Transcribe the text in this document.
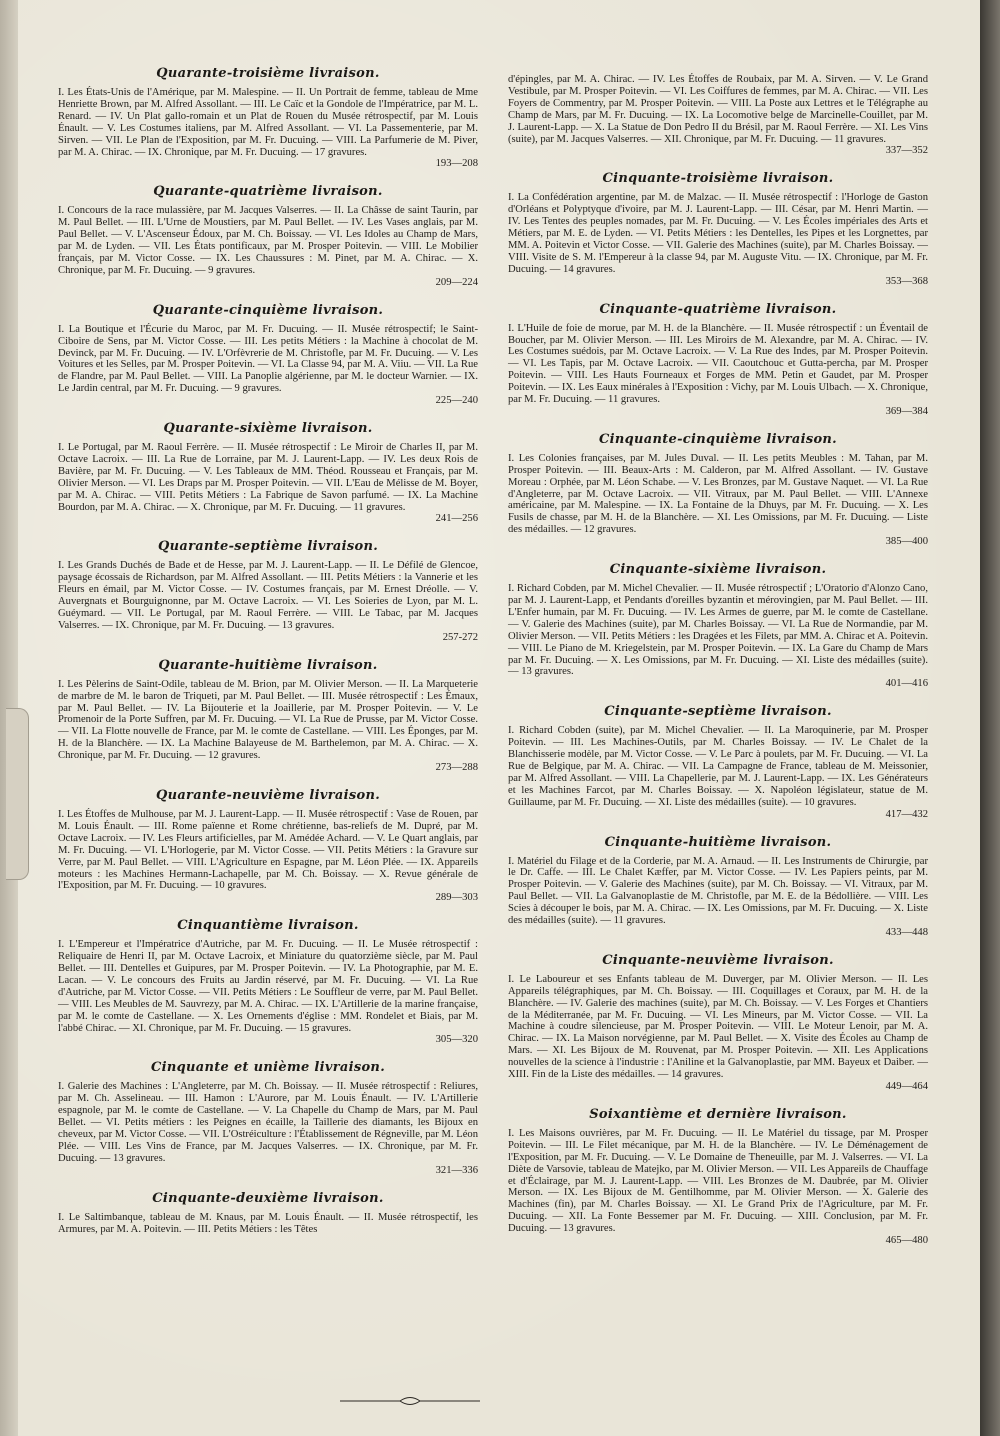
Quarante-troisième livraison.
I. Les États-Unis de l'Amérique, par M. Malespine. — II. Un Portrait de femme, tableau de Mme Henriette Brown, par M. Alfred Assollant. — III. Le Caïc et la Gondole de l'Impératrice, par M. L. Renard. — IV. Un Plat gallo-romain et un Plat de Rouen du Musée rétrospectif, par M. Louis Énault. — V. Les Costumes italiens, par M. Alfred Assollant. — VI. La Passementerie, par M. Sirven. — VII. Le Plan de l'Exposition, par M. Fr. Ducuing. — VIII. La Parfumerie de M. Piver, par M. A. Chirac. — IX. Chronique, par M. Fr. Ducuing. — 17 gravures.
193—208
Quarante-quatrième livraison.
I. Concours de la race mulassière, par M. Jacques Valserres. — II. La Châsse de saint Taurin, par M. Paul Bellet. — III. L'Urne de Moustiers, par M. Paul Bellet. — IV. Les Vases anglais, par M. Paul Bellet. — V. L'Ascenseur Édoux, par M. Ch. Boissay. — VI. Les Idoles au Champ de Mars, par M. de Lyden. — VII. Les États pontificaux, par M. Prosper Poitevin. — VIII. Le Mobilier français, par M. Victor Cosse. — IX. Les Chaussures : M. Pinet, par M. A. Chirac. — X. Chronique, par M. Fr. Ducuing. — 9 gravures.
209—224
Quarante-cinquième livraison.
I. La Boutique et l'Écurie du Maroc, par M. Fr. Ducuing. — II. Musée rétrospectif; le Saint-Ciboire de Sens, par M. Victor Cosse. — III. Les petits Métiers : la Machine à chocolat de M. Devinck, par M. Fr. Ducuing. — IV. L'Orfèvrerie de M. Christofle, par M. Fr. Ducuing. — V. Les Voitures et les Selles, par M. Prosper Poitevin. — VI. La Classe 94, par M. A. Viiu. — VII. La Rue de Flandre, par M. Paul Bellet. — VIII. La Panoplie algérienne, par M. le docteur Warnier. — IX. Le Jardin central, par M. Fr. Ducuing. — 9 gravures.
225—240
Quarante-sixième livraison.
I. Le Portugal, par M. Raoul Ferrère. — II. Musée rétrospectif : Le Miroir de Charles II, par M. Octave Lacroix. — III. La Rue de Lorraine, par M. J. Laurent-Lapp. — IV. Les deux Rois de Bavière, par M. Fr. Ducuing. — V. Les Tableaux de MM. Théod. Rousseau et Français, par M. Olivier Merson. — VI. Les Draps par M. Prosper Poitevin. — VII. L'Eau de Mélisse de M. Boyer, par M. A. Chirac. — VIII. Petits Métiers : La Fabrique de Savon parfumé. — IX. La Machine Bourdon, par M. A. Chirac. — X. Chronique, par M. Fr. Ducuing. — 11 gravures.
241—256
Quarante-septième livraison.
I. Les Grands Duchés de Bade et de Hesse, par M. J. Laurent-Lapp. — II. Le Défilé de Glencoe, paysage écossais de Richardson, par M. Alfred Assollant. — III. Petits Métiers : la Vannerie et les Fleurs en émail, par M. Victor Cosse. — IV. Costumes français, par M. Ernest Dréolle. — V. Auvergnats et Bourguignonne, par M. Octave Lacroix. — VI. Les Soieries de Lyon, par M. L. Guéymard. — VII. Le Portugal, par M. Raoul Ferrère. — VIII. Le Tabac, par M. Jacques Valserres. — IX. Chronique, par M. Fr. Ducuing. — 13 gravures.
257-272
Quarante-huitième livraison.
I. Les Pèlerins de Saint-Odile, tableau de M. Brion, par M. Olivier Merson. — II. La Marqueterie de marbre de M. le baron de Triqueti, par M. Paul Bellet. — III. Musée rétrospectif : Les Émaux, par M. Paul Bellet. — IV. La Bijouterie et la Joaillerie, par M. Prosper Poitevin. — V. Le Promenoir de la Porte Suffren, par M. Fr. Ducuing. — VI. La Rue de Prusse, par M. Victor Cosse. — VII. La Flotte nouvelle de France, par M. le comte de Castellane. — VIII. Les Éponges, par M. H. de la Blanchère. — IX. La Machine Balayeuse de M. Barthelemon, par M. A. Chirac. — X. Chronique, par M. Fr. Ducuing. — 12 gravures.
273—288
Quarante-neuvième livraison.
I. Les Étoffes de Mulhouse, par M. J. Laurent-Lapp. — II. Musée rétrospectif : Vase de Rouen, par M. Louis Énault. — III. Rome païenne et Rome chrétienne, bas-reliefs de M. Dupré, par M. Octave Lacroix. — IV. Les Fleurs artificielles, par M. Amédée Achard. — V. Le Quart anglais, par M. Fr. Ducuing. — VI. L'Horlogerie, par M. Victor Cosse. — VII. Petits Métiers : la Gravure sur Verre, par M. Paul Bellet. — VIII. L'Agriculture en Espagne, par M. Léon Plée. — IX. Appareils moteurs : les Machines Hermann-Lachapelle, par M. Ch. Boissay. — X. Revue générale de l'Exposition, par M. Fr. Ducuing. — 10 gravures.
289—303
Cinquantième livraison.
I. L'Empereur et l'Impératrice d'Autriche, par M. Fr. Ducuing. — II. Le Musée rétrospectif : Reliquaire de Henri II, par M. Octave Lacroix, et Miniature du quatorzième siècle, par M. Paul Bellet. — III. Dentelles et Guipures, par M. Prosper Poitevin. — IV. La Photographie, par M. E. Lacan. — V. Le concours des Fruits au Jardin réservé, par M. Fr. Ducuing. — VI. La Rue d'Autriche, par M. Victor Cosse. — VII. Petits Métiers : Le Souffleur de verre, par M. Paul Bellet. — VIII. Les Meubles de M. Sauvrezy, par M. A. Chirac. — IX. L'Artillerie de la marine française, par M. le comte de Castellane. — X. Les Ornements d'église : MM. Rondelet et Biais, par M. l'abbé Chirac. — XI. Chronique, par M. Fr. Ducuing. — 15 gravures.
305—320
Cinquante et unième livraison.
I. Galerie des Machines : L'Angleterre, par M. Ch. Boissay. — II. Musée rétrospectif : Reliures, par M. Ch. Asselineau. — III. Hamon : L'Aurore, par M. Louis Énault. — IV. L'Artillerie espagnole, par M. le comte de Castellane. — V. La Chapelle du Champ de Mars, par M. Paul Bellet. — VI. Petits métiers : les Peignes en écaille, la Taillerie des diamants, les Bijoux en cheveux, par M. Victor Cosse. — VII. L'Ostréiculture : l'Établissement de Régneville, par M. Léon Plée. — VIII. Les Vins de France, par M. Jacques Valserres. — IX. Chronique, par M. Fr. Ducuing. — 13 gravures.
321—336
Cinquante-deuxième livraison.
I. Le Saltimbanque, tableau de M. Knaus, par M. Louis Énault. — II. Musée rétrospectif, les Armures, par M. A. Poitevin. — III. Petits Métiers : les Têtes
d'épingles, par M. A. Chirac. — IV. Les Étoffes de Roubaix, par M. A. Sirven. — V. Le Grand Vestibule, par M. Prosper Poitevin. — VI. Les Coiffures de femmes, par M. A. Chirac. — VII. Les Foyers de Commentry, par M. Prosper Poitevin. — VIII. La Poste aux Lettres et le Télégraphe au Champ de Mars, par M. Fr. Ducuing. — IX. La Locomotive belge de Marcinelle-Couillet, par M. J. Laurent-Lapp. — X. La Statue de Don Pedro II du Brésil, par M. Raoul Ferrère. — XI. Les Vins (suite), par M. Jacques Valserres. — XII. Chronique, par M. Fr. Ducuing. — 11 gravures.
337—352
Cinquante-troisième livraison.
I. La Confédération argentine, par M. de Malzac. — II. Musée rétrospectif : l'Horloge de Gaston d'Orléans et Polyptyque d'ivoire, par M. J. Laurent-Lapp. — III. César, par M. Henri Martin. — IV. Les Tentes des peuples nomades, par M. Fr. Ducuing. — V. Les Écoles impériales des Arts et Métiers, par M. E. de Lyden. — VI. Petits Métiers : les Dentelles, les Pipes et les Lorgnettes, par MM. A. Poitevin et Victor Cosse. — VII. Galerie des Machines (suite), par M. Charles Boissay. — VIII. Visite de S. M. l'Empereur à la classe 94, par M. Auguste Vitu. — IX. Chronique, par M. Fr. Ducuing. — 14 gravures.
353—368
Cinquante-quatrième livraison.
I. L'Huile de foie de morue, par M. H. de la Blanchère. — II. Musée rétrospectif : un Éventail de Boucher, par M. Olivier Merson. — III. Les Miroirs de M. Alexandre, par M. A. Chirac. — IV. Les Costumes suédois, par M. Octave Lacroix. — V. La Rue des Indes, par M. Prosper Poitevin. — VI. Les Tapis, par M. Octave Lacroix. — VII. Caoutchouc et Gutta-percha, par M. Prosper Poitevin. — VIII. Les Hauts Fourneaux et Forges de MM. Petin et Gaudet, par M. Prosper Poitevin. — IX. Les Eaux minérales à l'Exposition : Vichy, par M. Louis Ulbach. — X. Chronique, par M. Fr. Ducuing. — 11 gravures.
369—384
Cinquante-cinquième livraison.
I. Les Colonies françaises, par M. Jules Duval. — II. Les petits Meubles : M. Tahan, par M. Prosper Poitevin. — III. Beaux-Arts : M. Calderon, par M. Alfred Assollant. — IV. Gustave Moreau : Orphée, par M. Léon Schabe. — V. Les Bronzes, par M. Gustave Naquet. — VI. La Rue d'Angleterre, par M. Octave Lacroix. — VII. Vitraux, par M. Paul Bellet. — VIII. L'Annexe américaine, par M. Malespine. — IX. La Fontaine de la Dhuys, par M. Fr. Ducuing. — X. Les Fusils de chasse, par M. H. de la Blanchère. — XI. Les Omissions, par M. Fr. Ducuing. — Liste des médailles. — 12 gravures.
385—400
Cinquante-sixième livraison.
I. Richard Cobden, par M. Michel Chevalier. — II. Musée rétrospectif ; L'Oratorio d'Alonzo Cano, par M. J. Laurent-Lapp, et Pendants d'oreilles byzantin et mérovingien, par M. Paul Bellet. — III. L'Enfer humain, par M. Fr. Ducuing. — IV. Les Armes de guerre, par M. le comte de Castellane. — V. Galerie des Machines (suite), par M. Charles Boissay. — VI. La Rue de Normandie, par M. Olivier Merson. — VII. Petits Métiers : les Dragées et les Filets, par MM. A. Chirac et A. Poitevin. — VIII. Le Piano de M. Kriegelstein, par M. Prosper Poitevin. — IX. La Gare du Champ de Mars par M. Fr. Ducuing. — X. Les Omissions, par M. Fr. Ducuing. — XI. Liste des médailles (suite). — 13 gravures.
401—416
Cinquante-septième livraison.
I. Richard Cobden (suite), par M. Michel Chevalier. — II. La Maroquinerie, par M. Prosper Poitevin. — III. Les Machines-Outils, par M. Charles Boissay. — IV. Le Chalet de la Blanchisserie modèle, par M. Victor Cosse. — V. Le Parc à poulets, par M. Fr. Ducuing. — VI. La Rue de Belgique, par M. A. Chirac. — VII. La Campagne de France, tableau de M. Meissonier, par M. Alfred Assollant. — VIII. La Chapellerie, par M. J. Laurent-Lapp. — IX. Les Générateurs et les Machines Farcot, par M. Charles Boissay. — X. Napoléon législateur, statue de M. Guillaume, par M. Fr. Ducuing. — XI. Liste des médailles (suite). — 10 gravures.
417—432
Cinquante-huitième livraison.
I. Matériel du Filage et de la Corderie, par M. A. Arnaud. — II. Les Instruments de Chirurgie, par le Dr. Caffe. — III. Le Chalet Kæffer, par M. Victor Cosse. — IV. Les Papiers peints, par M. Prosper Poitevin. — V. Galerie des Machines (suite), par M. Ch. Boissay. — VI. Vitraux, par M. Paul Bellet. — VII. La Galvanoplastie de M. Christofle, par M. E. de la Bédollière. — VIII. Les Scies à découper le bois, par M. A. Chirac. — IX. Les Omissions, par M. Fr. Ducuing. — X. Liste des médailles (suite). — 11 gravures.
433—448
Cinquante-neuvième livraison.
I. Le Laboureur et ses Enfants tableau de M. Duverger, par M. Olivier Merson. — II. Les Appareils télégraphiques, par M. Ch. Boissay. — III. Coquillages et Coraux, par M. H. de la Blanchère. — IV. Galerie des machines (suite), par M. Ch. Boissay. — V. Les Forges et Chantiers de la Méditerranée, par M. Fr. Ducuing. — VI. Les Mineurs, par M. Victor Cosse. — VII. La Machine à coudre silencieuse, par M. Prosper Poitevin. — VIII. Le Moteur Lenoir, par M. A. Chirac. — IX. La Maison norvégienne, par M. Paul Bellet. — X. Visite des Écoles au Champ de Mars. — XI. Les Bijoux de M. Rouvenat, par M. Prosper Poitevin. — XII. Les Applications nouvelles de la science à l'industrie : l'Aniline et la Galvanoplastie, par MM. Bayeux et Daiber. — XIII. Fin de la Liste des médailles. — 14 gravures.
449—464
Soixantième et dernière livraison.
I. Les Maisons ouvrières, par M. Fr. Ducuing. — II. Le Matériel du tissage, par M. Prosper Poitevin. — III. Le Filet mécanique, par M. H. de la Blanchère. — IV. Le Déménagement de l'Exposition, par M. Fr. Ducuing. — V. Le Domaine de Theneuille, par M. J. Valserres. — VI. La Diète de Varsovie, tableau de Matejko, par M. Olivier Merson. — VII. Les Appareils de Chauffage et d'Éclairage, par M. J. Laurent-Lapp. — VIII. Les Bronzes de M. Daubrée, par M. Olivier Merson. — IX. Les Bijoux de M. Gentilhomme, par M. Olivier Merson. — X. Galerie des Machines (fin), par M. Charles Boissay. — XI. Le Grand Prix de l'Agriculture, par M. Fr. Ducuing. — XII. La Fonte Bessemer par M. Fr. Ducuing. — XIII. Conclusion, par M. Fr. Ducuing. — 13 gravures.
465—480
